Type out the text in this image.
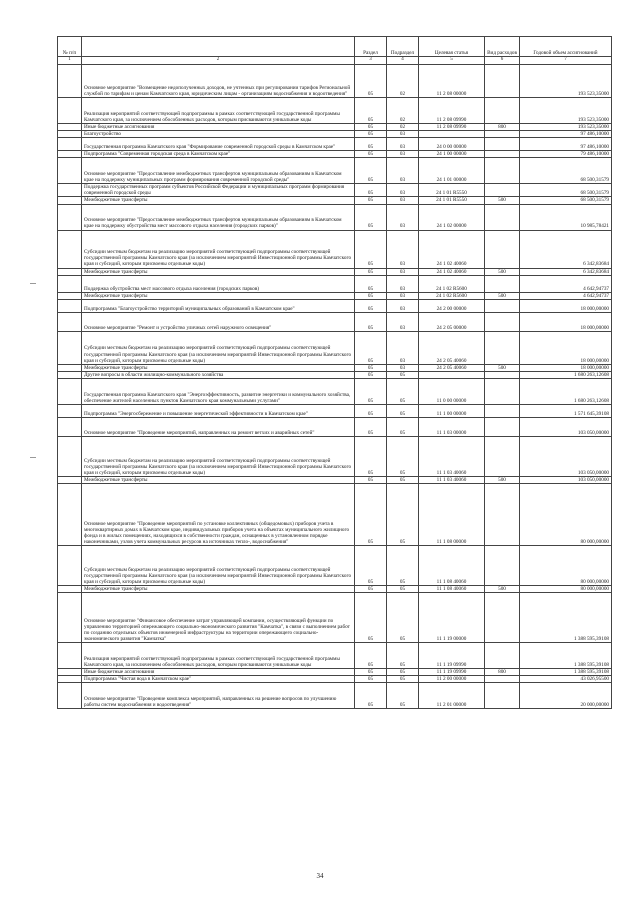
№ п/п		Раздел	Подраздел	Целевая статья	Вид расходов	Годовой объем ассигнований
1	2	3	4	5	6	7
	Основное мероприятие "Возмещение недополученных доходов, не учтенных при регулировании тарифов Региональной службой по тарифам и ценам Камчатского края, юридическим лицам - организациям водоснабжения и водоотведения"	05	02	11 2 08 00000		193 523,35000
	Реализация мероприятий соответствующей подпрограммы в рамках соответствующей государственной программы Камчатского края, за исключением обособленных расходов, которым присваиваются уникальные коды	05	02	11 2 08 09990		193 523,35000
	Иные бюджетные ассигнования	05	02	11 2 08 09990	800	193 523,35000
	Благоустройство	05	03			97 486,10000
	Государственная программа Камчатского края "Формирование современной городской среды в Камчатском крае"	05	03	24 0 00 00000		97 486,10000
	Подпрограмма "Современная городская среда в Камчатском крае"	05	03	24 1 00 00000		79 486,10000
	Основное мероприятие "Предоставление межбюджетных трансфертов муниципальным образованиям в Камчатском крае на поддержку муниципальных программ формирования современной городской среды"	05	03	24 1 01 00000		68 500,31579
	Поддержка государственных программ субъектов Российской Федерации и муниципальных программ формирования современной городской среды	05	03	24 1 01 R5550		68 500,31579
	Межбюджетные трансферты	05	03	24 1 01 R5550	500	68 500,31579
	Основное мероприятие "Предоставление межбюджетных трансфертов муниципальным образованиям в Камчатском крае на поддержку обустройства мест массового отдыха населения (городских парков)"	05	03	24 1 02 00000		10 985,78421
	Субсидии местным бюджетам на реализацию мероприятий соответствующей подпрограммы соответствующей государственной программы Камчатского края (за исключением мероприятий Инвестиционной программы Камчатского края и субсидий, которым присвоены отдельные коды)	05	03	24 1 02 40060		6 342,83684
	Межбюджетные трансферты	05	03	24 1 02 40060	500	6 342,83684
	Поддержка обустройства мест массового отдыха населения (городских парков)	05	03	24 1 02 R5600		4 642,94737
	Межбюджетные трансферты	05	03	24 1 02 R5600	500	4 642,94737
	Подпрограмма "Благоустройство территорий муниципальных образований в Камчатском крае"	05	03	24 2 00 00000		18 000,00000
	Основное мероприятие "Ремонт и устройство уличных сетей наружного освещения"	05	03	24 2 05 00000		18 000,00000
	Субсидии местным бюджетам на реализацию мероприятий соответствующей подпрограммы соответствующей государственной программы Камчатского края (за исключением мероприятий Инвестиционной программы Камчатского края и субсидий, которым присвоены отдельные коды)	05	03	24 2 05 40060		18 000,00000
	Межбюджетные трансферты	05	03	24 2 05 40060	500	18 000,00000
	Другие вопросы в области жилищно-коммунального хозяйства	05	05			1 680 263,12608
	Государственная программа Камчатского края "Энергоэффективность, развитие энергетики и коммунального хозяйства, обеспечение жителей населенных пунктов Камчатского края коммунальными услугами"	05	05	11 0 00 00000		1 680 263,12608
	Подпрограмма "Энергосбережение и повышение энергетической эффективности в Камчатском крае"	05	05	11 1 00 00000		1 571 645,39108
	Основное мероприятие "Проведение мероприятий, направленных на ремонт ветхих и аварийных сетей"	05	05	11 1 03 00000		103 050,00000
	Субсидии местным бюджетам на реализацию мероприятий соответствующей подпрограммы соответствующей государственной программы Камчатского края (за исключением мероприятий Инвестиционной программы Камчатского края и субсидий, которым присвоены отдельные коды)	05	05	11 1 03 40060		103 050,00000
	Межбюджетные трансферты	05	05	11 1 03 40060	500	103 050,00000
	Основное мероприятие "Проведение мероприятий по установке коллективных (общедомовых) приборов учета в многоквартирных домах в Камчатском крае, индивидуальных приборов учета на объектах муниципального жилищного фонда и в жилых помещениях, находящихся в собственности граждан, оснащенных в установленном порядке наконечниками, узлов учета коммунальных ресурсов на источниках тепло-, водоснабжения"	05	05	11 1 08 00000		80 000,00000
	Субсидии местным бюджетам на реализацию мероприятий соответствующей подпрограммы соответствующей государственной программы Камчатского края (за исключением мероприятий Инвестиционной программы Камчатского края и субсидий, которым присвоены отдельные коды)	05	05	11 1 08 40060		80 000,00000
	Межбюджетные трансферты	05	05	11 1 08 40060	500	80 000,00000
	Основное мероприятие "Финансовое обеспечение затрат управляющей компании, осуществляющей функции по управлению территорией опережающего социально-экономического развития "Камчатка", в связи с выполнением работ по созданию отдельных объектов инженерной инфраструктуры на территории опережающего социально-экономического развития "Камчатка"	05	05	11 1 19 00000		1 388 595,39108
	Реализация мероприятий соответствующей подпрограммы в рамках соответствующей государственной программы Камчатского края, за исключением обособленных расходов, которым присваиваются уникальные коды	05	05	11 1 19 09990		1 388 595,39108
	Иные бюджетные ассигнования	05	05	11 1 19 09990	800	1 388 595,39108
	Подпрограмма "Чистая вода в Камчатском крае"	05	05	11 2 00 00000		43 026,95500
	Основное мероприятие "Проведение комплекса мероприятий, направленных на решение вопросов по улучшению работы систем водоснабжения и водоотведения"	05	05	11 2 01 00000		20 000,00000
34
